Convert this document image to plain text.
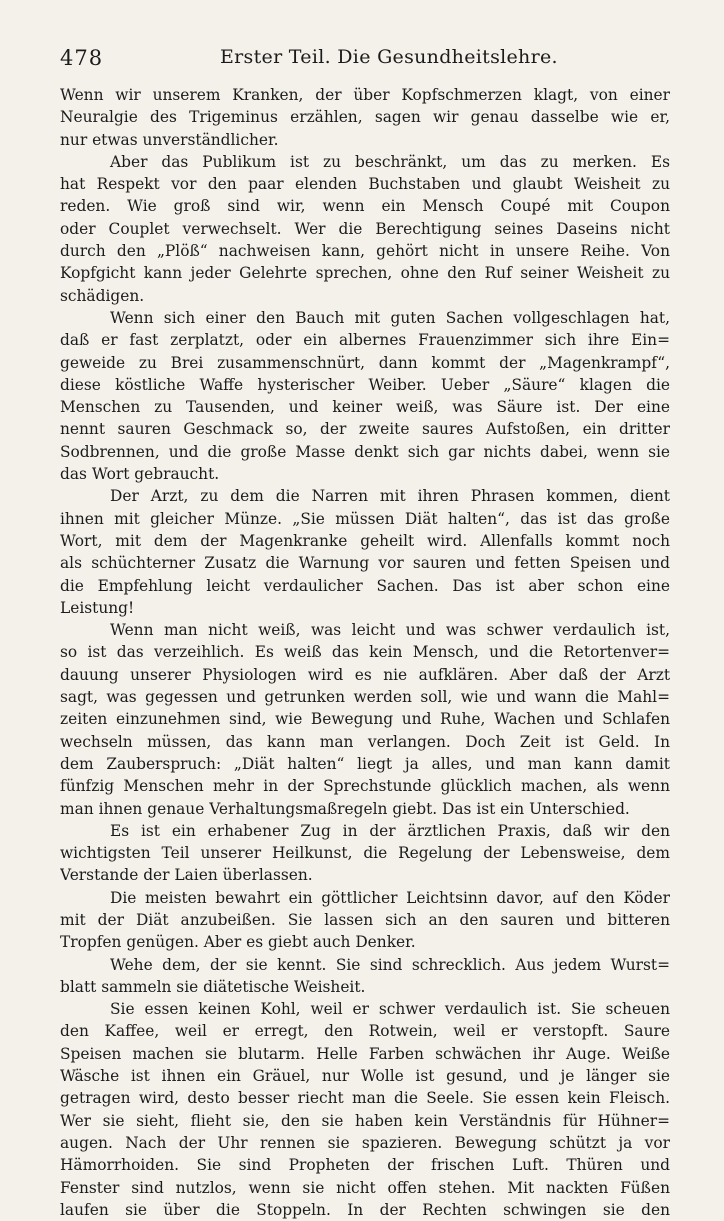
478	Erster Teil. Die Gesundheitslehre.
Wenn wir unserem Kranken, der über Kopfschmerzen klagt, von einer
Neuralgie des Trigeminus erzählen, sagen wir genau dasselbe wie er,
nur etwas unverständlicher.
Aber das Publikum ist zu beschränkt, um das zu merken. Es
hat Respekt vor den paar elenden Buchstaben und glaubt Weisheit zu
reden. Wie groß sind wir, wenn ein Mensch Coupé mit Coupon
oder Couplet verwechselt. Wer die Berechtigung seines Daseins nicht
durch den „Plöß“ nachweisen kann, gehört nicht in unsere Reihe. Von
Kopfgicht kann jeder Gelehrte sprechen, ohne den Ruf seiner Weisheit zu
schädigen.
Wenn sich einer den Bauch mit guten Sachen vollgeschlagen hat,
daß er fast zerplatzt, oder ein albernes Frauenzimmer sich ihre Ein=
geweide zu Brei zusammenschnürt, dann kommt der „Magenkrampf“,
diese köstliche Waffe hysterischer Weiber. Ueber „Säure“ klagen die
Menschen zu Tausenden, und keiner weiß, was Säure ist. Der eine
nennt sauren Geschmack so, der zweite saures Aufstoßen, ein dritter
Sodbrennen, und die große Masse denkt sich gar nichts dabei, wenn sie
das Wort gebraucht.
Der Arzt, zu dem die Narren mit ihren Phrasen kommen, dient
ihnen mit gleicher Münze. „Sie müssen Diät halten“, das ist das große
Wort, mit dem der Magenkranke geheilt wird. Allenfalls kommt noch
als schüchterner Zusatz die Warnung vor sauren und fetten Speisen und
die Empfehlung leicht verdaulicher Sachen. Das ist aber schon eine
Leistung!
Wenn man nicht weiß, was leicht und was schwer verdaulich ist,
so ist das verzeihlich. Es weiß das kein Mensch, und die Retortenver=
dauung unserer Physiologen wird es nie aufklären. Aber daß der Arzt
sagt, was gegessen und getrunken werden soll, wie und wann die Mahl=
zeiten einzunehmen sind, wie Bewegung und Ruhe, Wachen und Schlafen
wechseln müssen, das kann man verlangen. Doch Zeit ist Geld. In
dem Zauberspruch: „Diät halten“ liegt ja alles, und man kann damit
fünfzig Menschen mehr in der Sprechstunde glücklich machen, als wenn
man ihnen genaue Verhaltungsmaßregeln giebt. Das ist ein Unterschied.
Es ist ein erhabener Zug in der ärztlichen Praxis, daß wir den
wichtigsten Teil unserer Heilkunst, die Regelung der Lebensweise, dem
Verstande der Laien überlassen.
Die meisten bewahrt ein göttlicher Leichtsinn davor, auf den Köder
mit der Diät anzubeißen. Sie lassen sich an den sauren und bitteren
Tropfen genügen. Aber es giebt auch Denker.
Wehe dem, der sie kennt. Sie sind schrecklich. Aus jedem Wurst=
blatt sammeln sie diätetische Weisheit.
Sie essen keinen Kohl, weil er schwer verdaulich ist. Sie scheuen
den Kaffee, weil er erregt, den Rotwein, weil er verstopft. Saure
Speisen machen sie blutarm. Helle Farben schwächen ihr Auge. Weiße
Wäsche ist ihnen ein Gräuel, nur Wolle ist gesund, und je länger sie
getragen wird, desto besser riecht man die Seele. Sie essen kein Fleisch.
Wer sie sieht, flieht sie, den sie haben kein Verständnis für Hühner=
augen. Nach der Uhr rennen sie spazieren. Bewegung schützt ja vor
Hämorrhoiden. Sie sind Propheten der frischen Luft. Thüren und
Fenster sind nutzlos, wenn sie nicht offen stehen. Mit nackten Füßen
laufen sie über die Stoppeln. In der Rechten schwingen sie den
